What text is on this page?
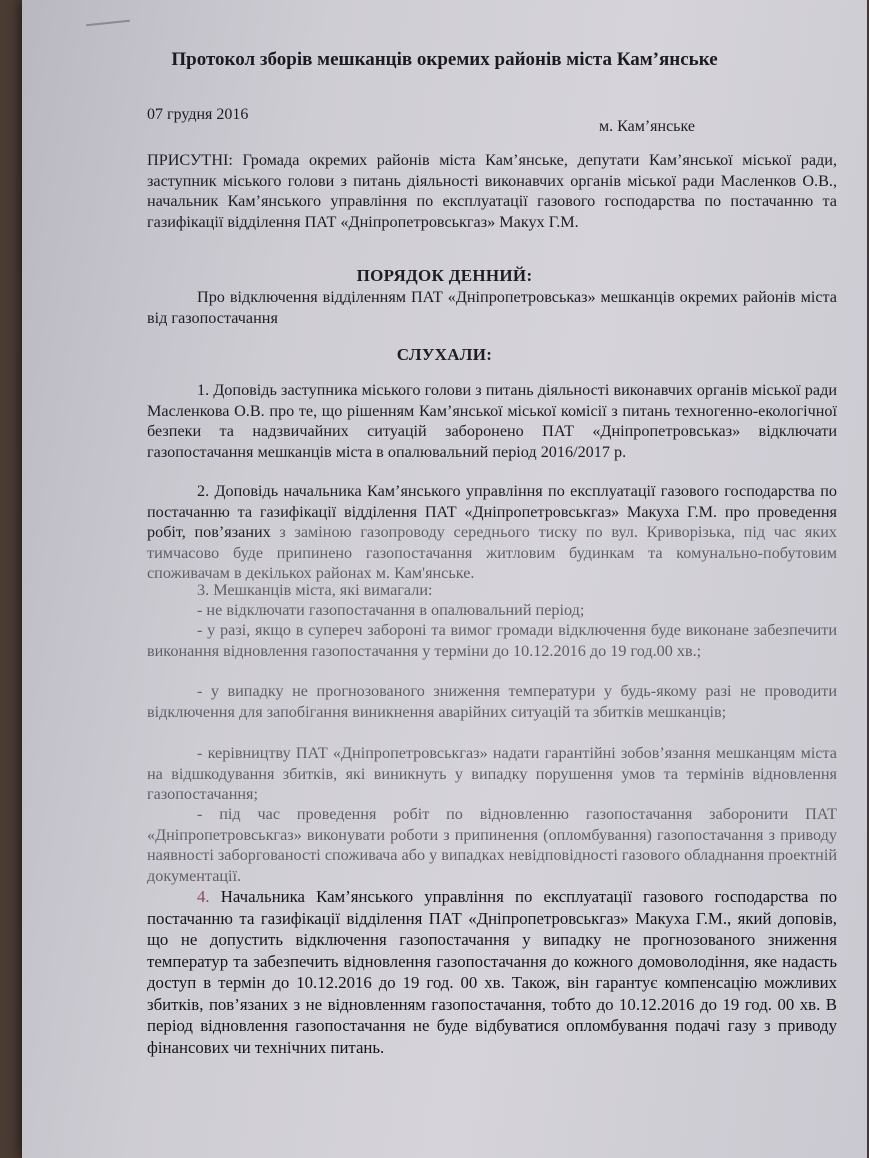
Протокол зборів мешканців окремих районів міста Кам’янське
07 грудня 2016
м. Кам’янське
ПРИСУТНІ: Громада окремих районів міста Кам’янське, депутати Кам’янської міської ради, заступник міського голови з питань діяльності виконавчих органів міської ради Масленков О.В., начальник Кам’янського управління по експлуатації газового господарства по постачанню та газифікації відділення ПАТ «Дніпропетровськгаз» Макух Г.М.
ПОРЯДОК ДЕННИЙ:
Про відключення відділенням ПАТ «Дніпропетровськаз» мешканців окремих районів міста від газопостачання
СЛУХАЛИ:
1. Доповідь заступника міського голови з питань діяльності виконавчих органів міської ради Масленкова О.В. про те, що рішенням Кам’янської міської комісії з питань техногенно-екологічної безпеки та надзвичайних ситуацій заборонено ПАТ «Дніпропетровськаз» відключати газопостачання мешканців міста в опалювальний період 2016/2017 р.
2. Доповідь начальника Кам’янського управління по експлуатації газового господарства по постачанню та газифікації відділення ПАТ «Дніпропетровськгаз» Макуха Г.М. про проведення робіт, пов’язаних з заміною газопроводу середнього тиску по вул. Криворізька, під час яких тимчасово буде припинено газопостачання житловим будинкам та комунально-побутовим споживачам в декількох районах м. Кам'янське.
3. Мешканців міста, які вимагали:
- не відключати газопостачання в опалювальний період;
- у разі, якщо в суперeч забороні та вимог громади відключення буде виконане забезпечити виконання відновлення газопостачання у терміни до 10.12.2016 до 19 год.00 хв.;
- у випадку не прогнозованого зниження температури у будь-якому разі не проводити відключення для запобігання виникнення аварійних ситуацій та збитків мешканців;
- керівництву ПАТ «Дніпропетровськгаз» надати гарантійні зобов’язання мешканцям міста на відшкодування збитків, які виникнуть у випадку порушення умов та термінів відновлення газопостачання;
- під час проведення робіт по відновленню газопостачання заборонити ПАТ «Дніпропетровськгаз» виконувати роботи з припинення (опломбування) газопостачання з приводу наявності заборгованості споживача або у випадках невідповідності газового обладнання проектній документації.
4. Начальника Кам’янського управління по експлуатації газового господарства по постачанню та газифікації відділення ПАТ «Дніпропетровськгаз» Макуха Г.М., який доповів, що не допустить відключення газопостачання у випадку не прогнозованого зниження температур та забезпечить відновлення газопостачання до кожного домоволодіння, яке надасть доступ в термін до 10.12.2016 до 19 год. 00 хв. Також, він гарантує компенсацію можливих збитків, пов’язаних з не відновленням газопостачання, тобто до 10.12.2016 до 19 год. 00 хв. В період відновлення газопостачання не буде відбуватися опломбування подачі газу з приводу фінансових чи технічних питань.
